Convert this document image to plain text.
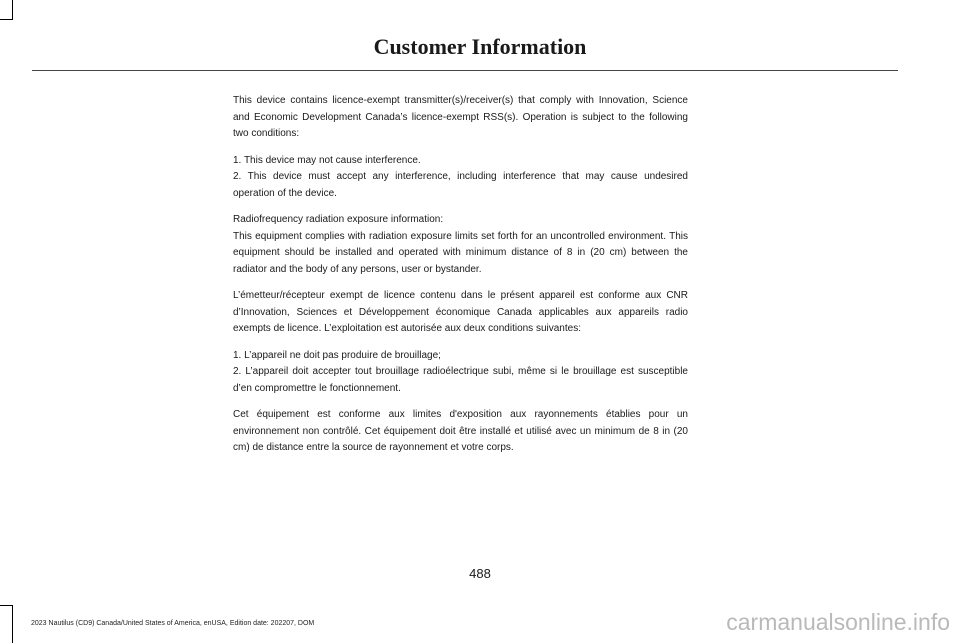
Customer Information

This device contains licence-exempt transmitter(s)/receiver(s) that comply with Innovation, Science and Economic Development Canada’s licence-exempt RSS(s). Operation is subject to the following two conditions:

1. This device may not cause interference.
2. This device must accept any interference, including interference that may cause undesired operation of the device.

Radiofrequency radiation exposure information:
This equipment complies with radiation exposure limits set forth for an uncontrolled environment. This equipment should be installed and operated with minimum distance of 8 in (20 cm) between the radiator and the body of any persons, user or bystander.

L’émetteur/récepteur exempt de licence contenu dans le présent appareil est conforme aux CNR d’Innovation, Sciences et Développement économique Canada applicables aux appareils radio exempts de licence. L’exploitation est autorisée aux deux conditions suivantes:

1. L’appareil ne doit pas produire de brouillage;
2. L’appareil doit accepter tout brouillage radioélectrique subi, même si le brouillage est susceptible d’en compromettre le fonctionnement.

Cet équipement est conforme aux limites d'exposition aux rayonnements établies pour un environnement non contrôlé. Cet équipement doit être installé et utilisé avec un minimum de 8 in (20 cm) de distance entre la source de rayonnement et votre corps.

488
2023 Nautilus (CD9) Canada/United States of America, enUSA, Edition date: 202207, DOM	carmanualsonline.info
